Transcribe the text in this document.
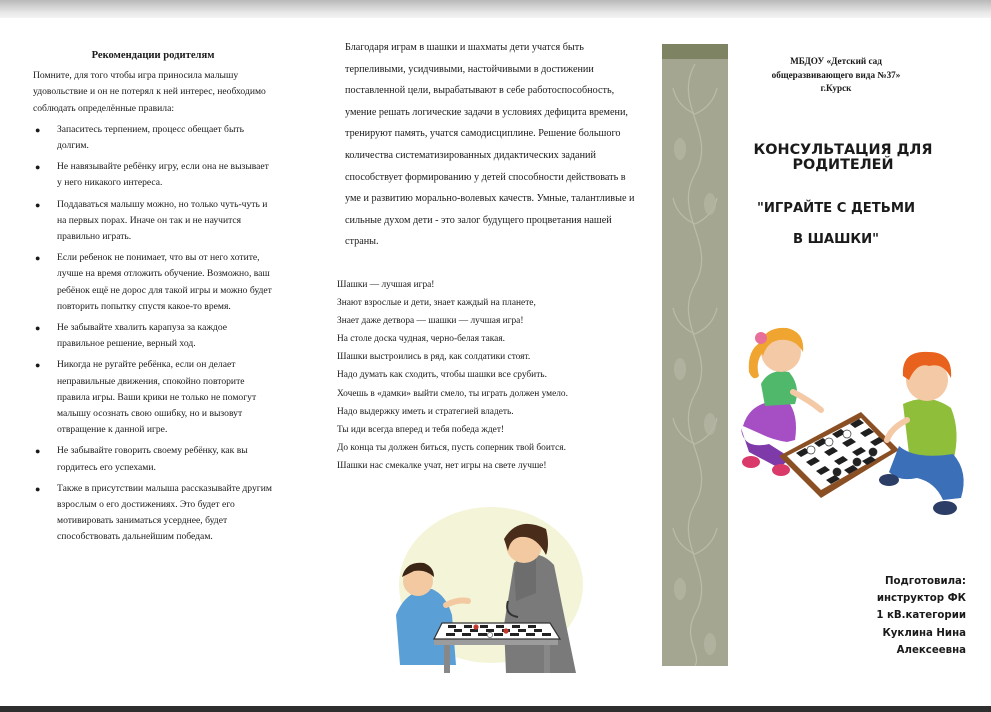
Рекомендации родителям

Помните, для того чтобы игра приносила малышу удовольствие и он не потерял к ней интерес, необходимо соблюдать определённые правила:

● Запаситесь терпением, процесс обещает быть долгим.
● Не навязывайте ребёнку игру, если она не вызывает у него никакого интереса.
● Поддаваться малышу можно, но только чуть-чуть и на первых порах. Иначе он так и не научится правильно играть.
● Если ребенок не понимает, что вы от него хотите, лучше на время отложить обучение. Возможно, ваш ребёнок ещё не дорос для такой игры и можно будет повторить попытку спустя какое-то время.
● Не забывайте хвалить карапуза за каждое правильное решение, верный ход.
● Никогда не ругайте ребёнка, если он делает неправильные движения, спокойно повторите правила игры. Ваши крики не только не помогут малышу осознать свою ошибку, но и вызовут отвращение к данной игре.
● Не забывайте говорить своему ребёнку, как вы гордитесь его успехами.
● Также в присутствии малыша рассказывайте другим взрослым о его достижениях. Это будет его мотивировать заниматься усерднее, будет способствовать дальнейшим победам.

Благодаря играм в шашки и шахматы дети учатся быть терпеливыми, усидчивыми, настойчивыми в достижении поставленной цели, вырабатывают в себе работоспособность, умение решать логические задачи в условиях дефицита времени, тренируют память, учатся самодисциплине. Решение большого количества систематизированных дидактических заданий способствует формированию у детей способности действовать в уме и развитию морально-волевых качеств. Умные, талантливые и сильные духом дети - это залог будущего процветания нашей страны.

Шашки — лучшая игра!
Знают взрослые и дети, знает каждый на планете,
Знает даже детвора — шашки — лучшая игра!
На столе доска чудная, черно-белая такая.
Шашки выстроились в ряд, как солдатики стоят.
Надо думать как сходить, чтобы шашки все срубить.
Хочешь в «дамки» выйти смело, ты играть должен умело.
Надо выдержку иметь и стратегией владеть.
Ты иди всегда вперед и тебя победа ждет!
До конца ты должен биться, пусть соперник твой боится.
Шашки нас смекалке учат, нет игры на свете лучше!
МБДОУ «Детский сад
общеразвивающего вида №37»
г.Курск
КОНСУЛЬТАЦИЯ ДЛЯ
РОДИТЕЛЕЙ
"ИГРАЙТЕ С ДЕТЬМИ
В ШАШКИ"
Подготовила:
инструктор ФК
1 кВ.категории
Куклина Нина
Алексеевна
